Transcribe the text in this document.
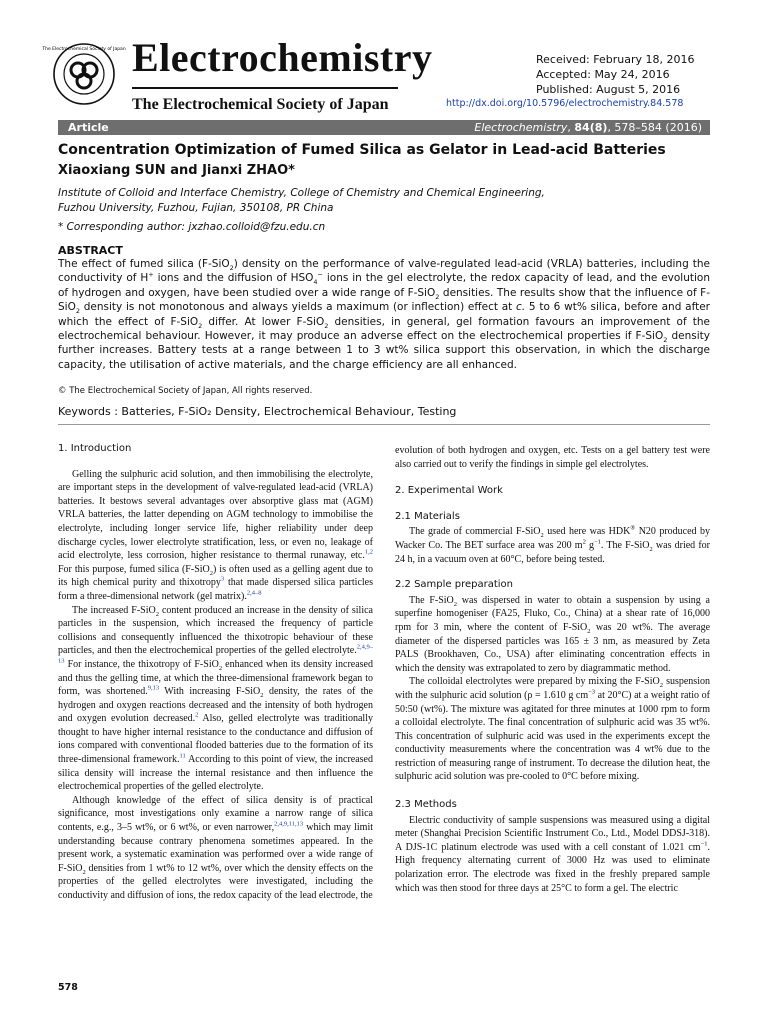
The Electrochemical Society of Japan Electrochemistry
The Electrochemical Society of Japan
Received: February 18, 2016
Accepted: May 24, 2016
Published: August 5, 2016
http://dx.doi.org/10.5796/electrochemistry.84.578
Article	Electrochemistry, 84(8), 578–584 (2016)
Concentration Optimization of Fumed Silica as Gelator in Lead-acid Batteries
Xiaoxiang SUN and Jianxi ZHAO*
Institute of Colloid and Interface Chemistry, College of Chemistry and Chemical Engineering,
Fuzhou University, Fuzhou, Fujian, 350108, PR China
* Corresponding author: jxzhao.colloid@fzu.edu.cn
ABSTRACT

The effect of fumed silica (F-SiO$_2$) density on the performance of valve-regulated lead-acid (VRLA) batteries, including the conductivity of H+ ions and the diffusion of $HSO_4^-$ ions in the gel electrolyte, the redox capacity of lead, and the evolution of hydrogen and oxygen, have been studied over a wide range of F-SiO$_2$ densities. The results show that the influence of F-SiO$_2$ density is not monotonous and always yields a maximum (or inflection) effect at c. 5 to 6 wt% silica, before and after which the effect of F-SiO$_2$ differ. At lower F-SiO$_2$ densities, in general, gel formation favours an improvement of the electrochemical behaviour. However, it may produce an adverse effect on the electrochemical properties if F-SiO$_2$ density further increases. Battery tests at a range between 1 to 3 wt% silica support this observation, in which the discharge capacity, the utilisation of active materials, and the charge efficiency are all enhanced.

© The Electrochemical Society of Japan, All rights reserved.
Keywords : Batteries, F-SiO₂ Density, Electrochemical Behaviour, Testing
1. Introduction

Gelling the sulphuric acid solution, and then immobilising the electrolyte, are important steps in the development of valve-regulated lead-acid (VRLA) batteries. It bestows several advantages over absorptive glass mat (AGM) VRLA batteries, the latter depending on AGM technology to immobilise the electrolyte, including longer service life, higher reliability under deep discharge cycles, lower electrolyte stratification, less, or even no, leakage of acid electrolyte, less corrosion, higher resistance to thermal runaway, etc.$^{1,2}$ For this purpose, fumed silica (F-SiO$_2$) is often used as a gelling agent due to its high chemical purity and thixotropy$^3$ that made dispersed silica particles form a three-dimensional network (gel matrix).$^{2,4-8}$

The increased F-SiO$_2$ content produced an increase in the density of silica particles in the suspension, which increased the frequency of particle collisions and consequently influenced the thixotropic behaviour of these particles, and then the electrochemical properties of the gelled electrolyte.$^{2,4,9-13}$ For instance, the thixotropy of F-SiO$_2$ enhanced when its density increased and thus the gelling time, at which the three-dimensional framework began to form, was shortened.$^{9,13}$ With increasing F-SiO$_2$ density, the rates of the hydrogen and oxygen reactions decreased and the intensity of both hydrogen and oxygen evolution decreased.$^2$ Also, gelled electrolyte was traditionally thought to have higher internal resistance to the conductance and diffusion of ions compared with conventional flooded batteries due to the formation of its three-dimensional framework.$^{11}$ According to this point of view, the increased silica density will increase the internal resistance and then influence the electrochemical properties of the gelled electrolyte.

Although knowledge of the effect of silica density is of practical significance, most investigations only examine a narrow range of silica contents, e.g., 3–5 wt%, or 6 wt%, or even narrower,$^{2,4,9,11,13}$ which may limit understanding because contrary phenomena sometimes appeared. In the present work, a systematic examination was performed over a wide range of F-SiO$_2$ densities from 1 wt% to 12 wt%, over which the density effects on the properties of the gelled electrolytes were investigated, including the conductivity and diffusion of ions, the redox capacity of the lead electrode, the

evolution of both hydrogen and oxygen, etc. Tests on a gel battery test were also carried out to verify the findings in simple gel electrolytes.

2. Experimental Work
2.1 Materials

The grade of commercial F-SiO$_2$ used here was HDK® N20 produced by Wacker Co. The BET surface area was 200 $m^2$ $g^{-1}$. The F-SiO$_2$ was dried for 24 h, in a vacuum oven at 60°C, before being tested.

2.2 Sample preparation

The F-SiO$_2$ was dispersed in water to obtain a suspension by using a superfine homogeniser (FA25, Fluko, Co., China) at a shear rate of 16,000 rpm for 3 min, where the content of F-SiO$_2$ was 20 wt%. The average diameter of the dispersed particles was 165 ± 3 nm, as measured by Zeta PALS (Brookhaven, Co., USA) after eliminating concentration effects in which the density was extrapolated to zero by diagrammatic method.

The colloidal electrolytes were prepared by mixing the F-SiO$_2$ suspension with the sulphuric acid solution (ρ = 1.610 g $cm^{-3}$ at 20°C) at a weight ratio of 50:50 (wt%). The mixture was agitated for three minutes at 1000 rpm to form a colloidal electrolyte. The final concentration of sulphuric acid was 35 wt%. This concentration of sulphuric acid was used in the experiments except the conductivity measurements where the concentration was 4 wt% due to the restriction of measuring range of instrument. To decrease the dilution heat, the sulphuric acid solution was pre-cooled to 0°C before mixing.

2.3 Methods

Electric conductivity of sample suspensions was measured using a digital meter (Shanghai Precision Scientific Instrument Co., Ltd., Model DDSJ-318). A DJS-1C platinum electrode was used with a cell constant of 1.021 $cm^{-1}$. High frequency alternating current of 3000 Hz was used to eliminate polarization error. The electrode was fixed in the freshly prepared sample which was then stood for three days at 25°C to form a gel. The electric

578
